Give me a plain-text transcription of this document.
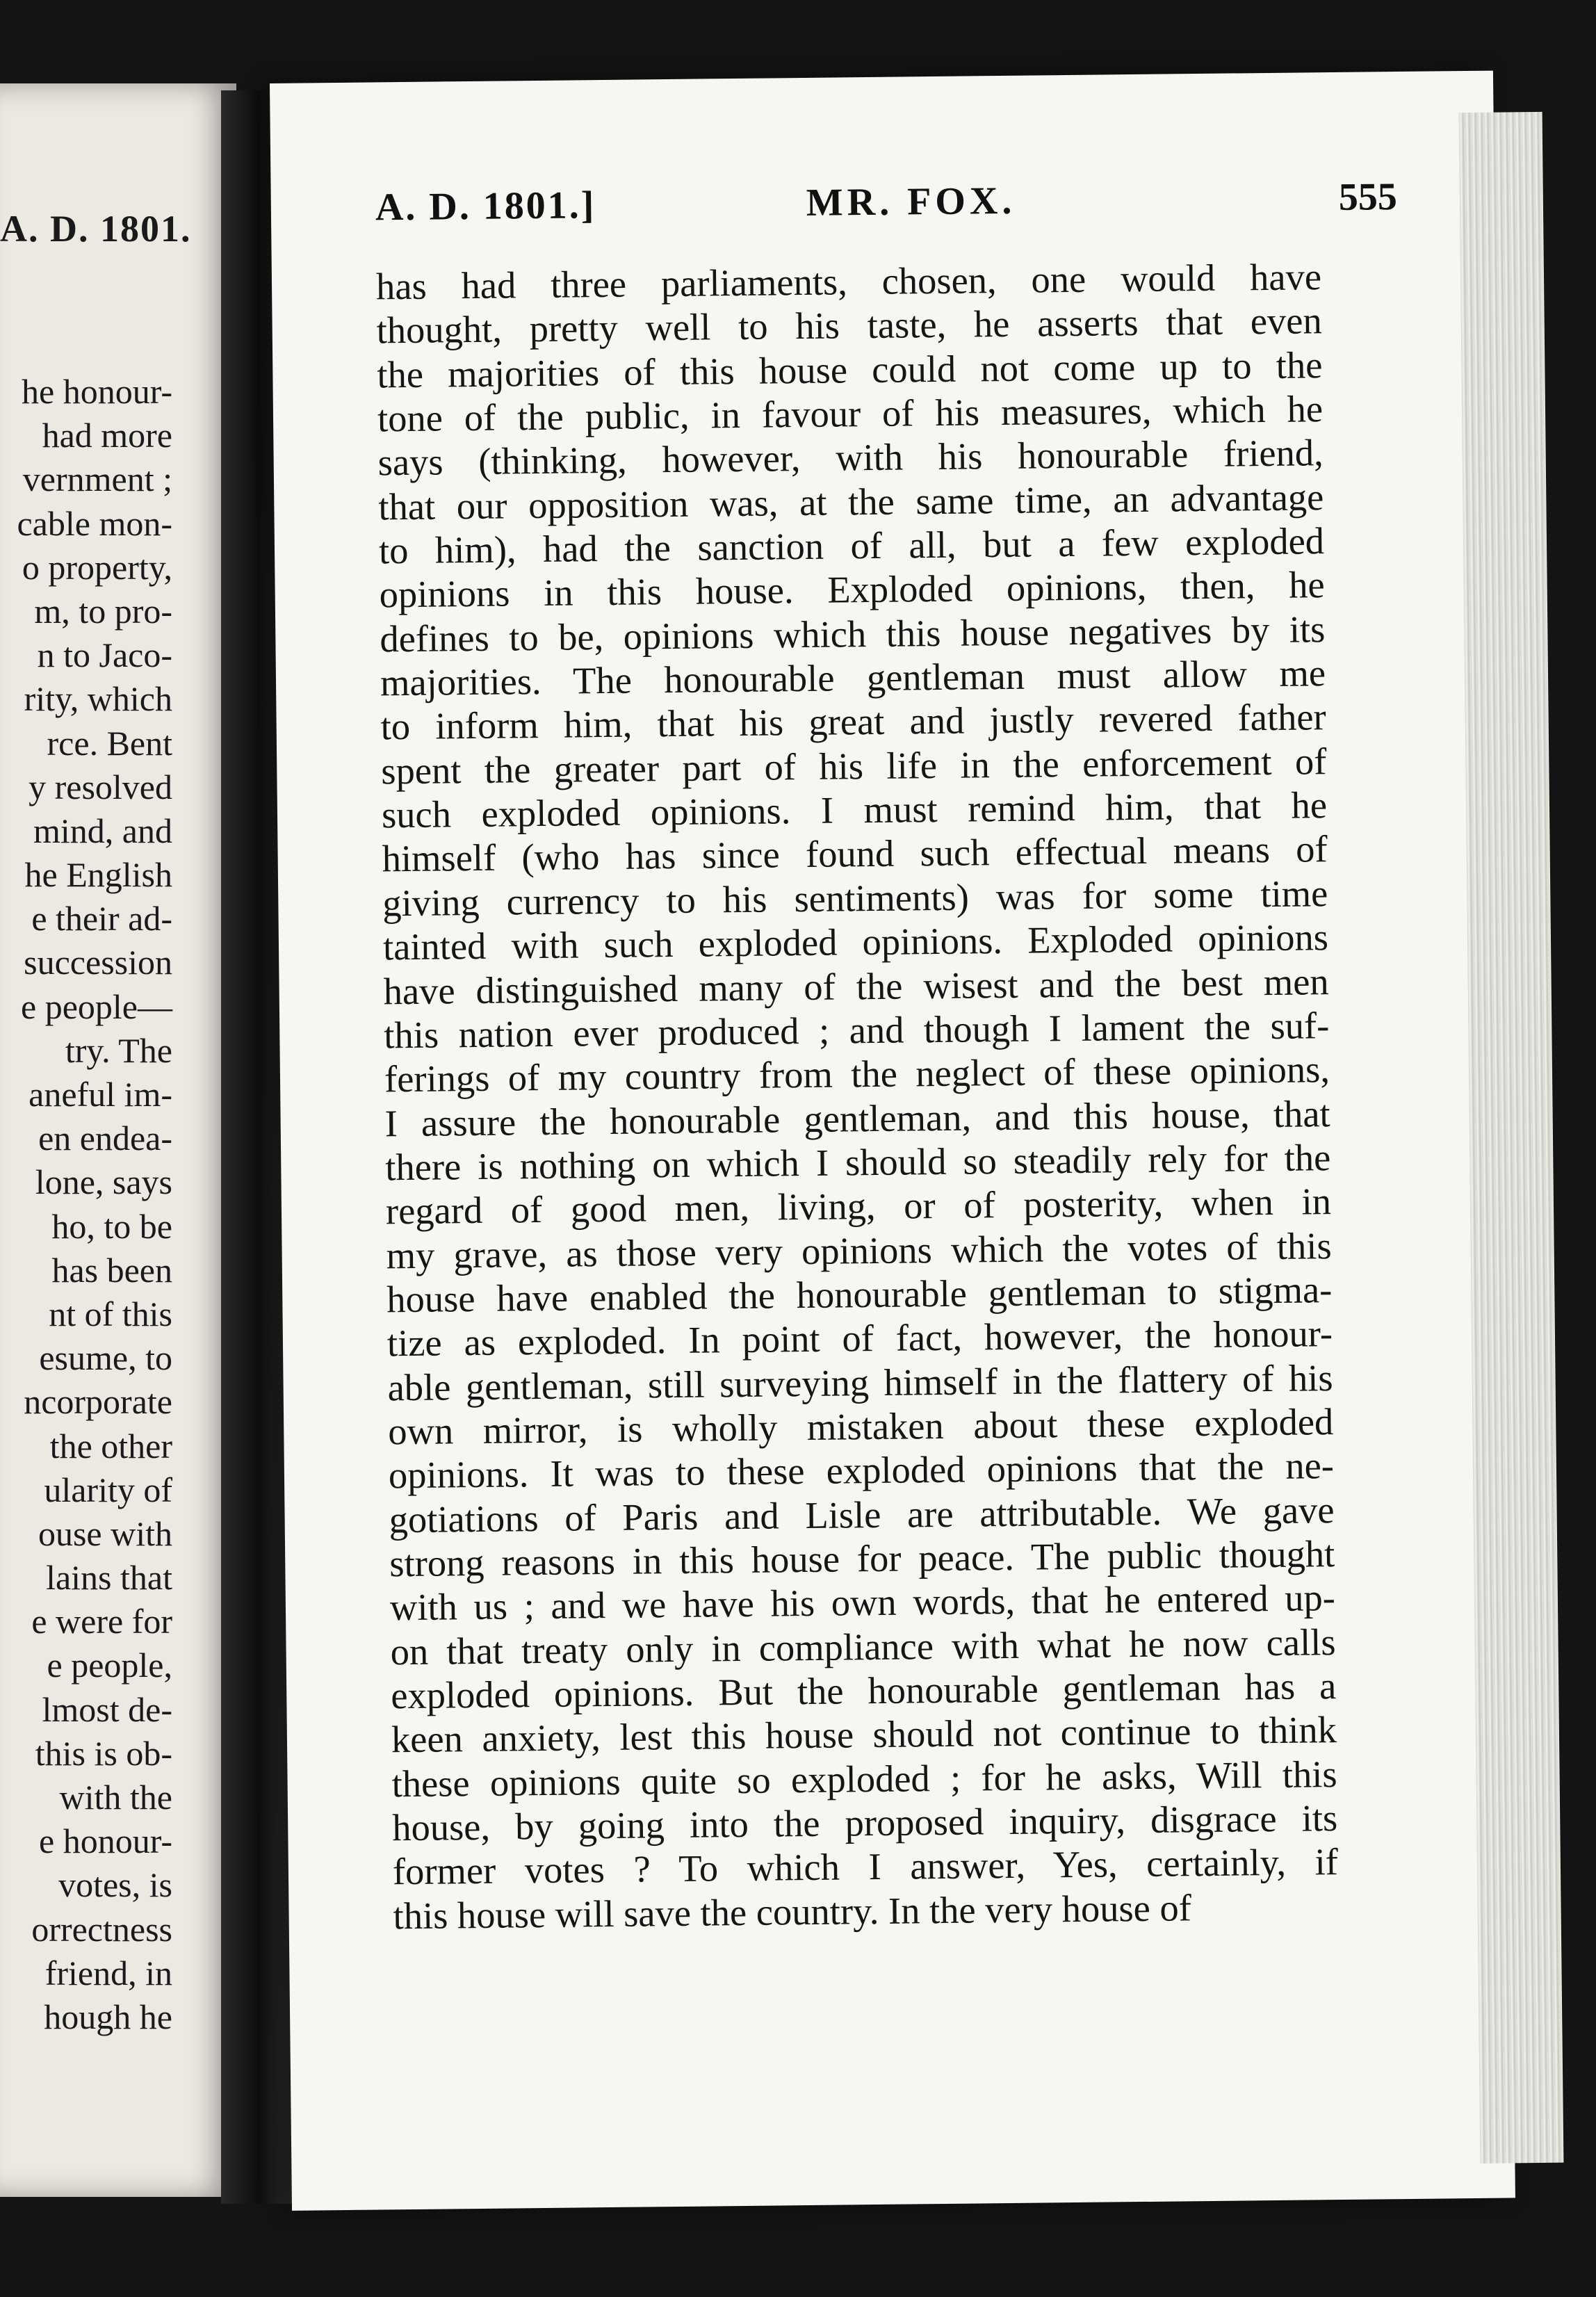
A. D. 1801.
he honour-
had more
vernment ;
cable mon-
o property,
m, to pro-
n to Jaco-
rity, which
rce. Bent
y resolved
mind, and
he English
e their ad-
succession
e people—
try. The
aneful im-
en endea-
lone, says
ho, to be
has been
nt of this
esume, to
ncorporate
the other
ularity of
ouse with
lains that
e were for
e people,
lmost de-
this is ob-
with the
e honour-
votes, is
orrectness
friend, in
hough he
A. D. 1801.]	MR. FOX.	555
has had three parliaments, chosen, one would have
thought, pretty well to his taste, he asserts that even
the majorities of this house could not come up to the
tone of the public, in favour of his measures, which he
says (thinking, however, with his honourable friend,
that our opposition was, at the same time, an advantage
to him), had the sanction of all, but a few exploded
opinions in this house. Exploded opinions, then, he
defines to be, opinions which this house negatives by its
majorities. The honourable gentleman must allow me
to inform him, that his great and justly revered father
spent the greater part of his life in the enforcement of
such exploded opinions. I must remind him, that he
himself (who has since found such effectual means of
giving currency to his sentiments) was for some time
tainted with such exploded opinions. Exploded opinions
have distinguished many of the wisest and the best men
this nation ever produced ; and though I lament the suf-
ferings of my country from the neglect of these opinions,
I assure the honourable gentleman, and this house, that
there is nothing on which I should so steadily rely for the
regard of good men, living, or of posterity, when in
my grave, as those very opinions which the votes of this
house have enabled the honourable gentleman to stigma-
tize as exploded. In point of fact, however, the honour-
able gentleman, still surveying himself in the flattery of his
own mirror, is wholly mistaken about these exploded
opinions. It was to these exploded opinions that the ne-
gotiations of Paris and Lisle are attributable. We gave
strong reasons in this house for peace. The public thought
with us ; and we have his own words, that he entered up-
on that treaty only in compliance with what he now calls
exploded opinions. But the honourable gentleman has a
keen anxiety, lest this house should not continue to think
these opinions quite so exploded ; for he asks, Will this
house, by going into the proposed inquiry, disgrace its
former votes ? To which I answer, Yes, certainly, if
this house will save the country. In the very house of
